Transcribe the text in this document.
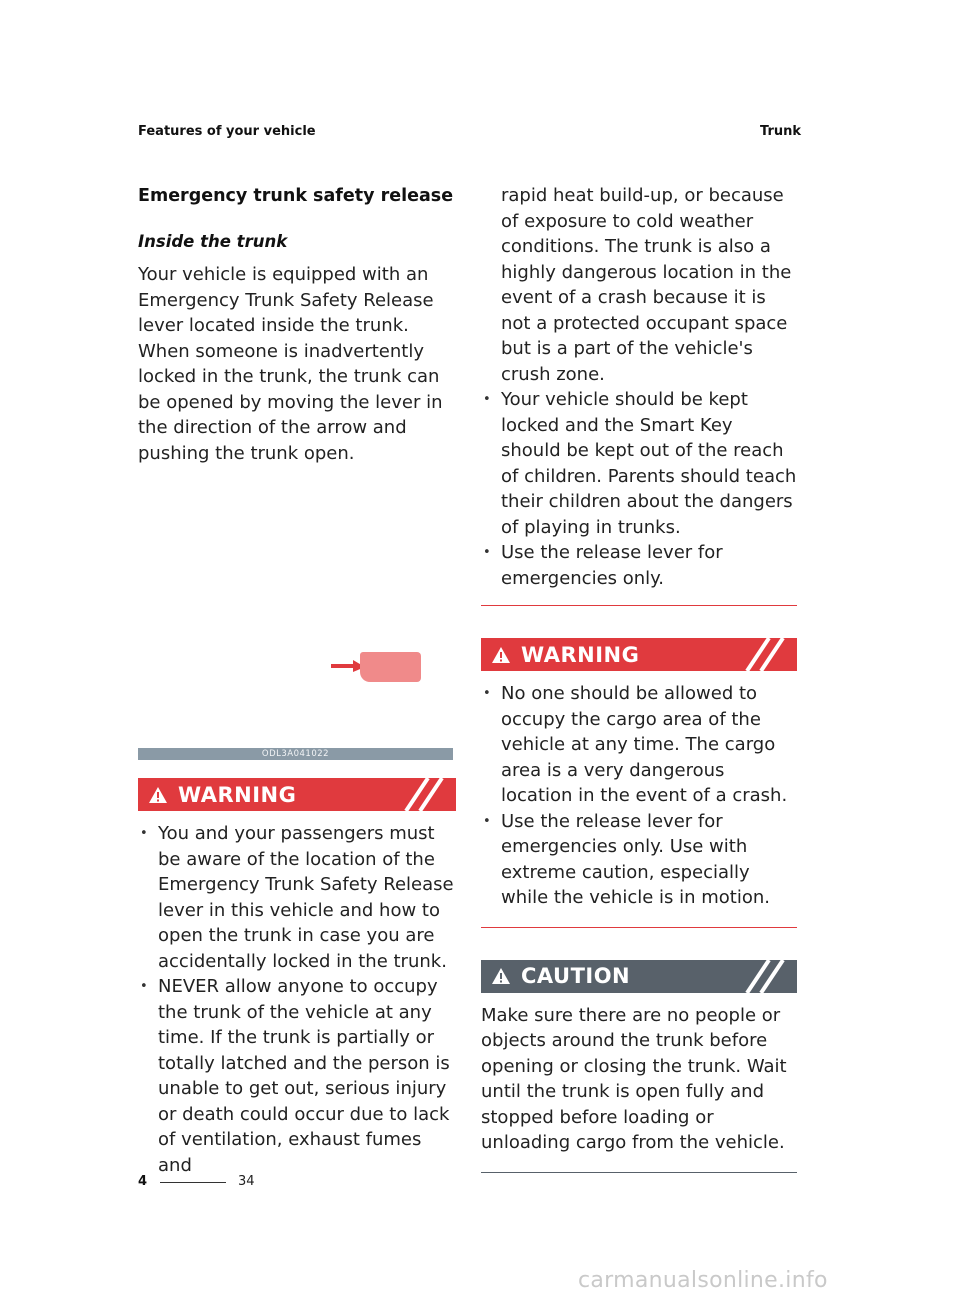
Features of your vehicle	Trunk
Emergency trunk safety release
Inside the trunk

Your vehicle is equipped with an Emergency Trunk Safety Release lever located inside the trunk. When someone is inadvertently locked in the trunk, the trunk can be opened by moving the lever in the direction of the arrow and pushing the trunk open.

ODL3A041022
WARNING
• You and your passengers must be aware of the location of the Emergency Trunk Safety Release lever in this vehicle and how to open the trunk in case you are accidentally locked in the trunk.
• NEVER allow anyone to occupy the trunk of the vehicle at any time. If the trunk is partially or totally latched and the person is unable to get out, serious injury or death could occur due to lack of ventilation, exhaust fumes and
rapid heat build-up, or because of exposure to cold weather conditions. The trunk is also a highly dangerous location in the event of a crash because it is not a protected occupant space but is a part of the vehicle's crush zone.
• Your vehicle should be kept locked and the Smart Key should be kept out of the reach of children. Parents should teach their children about the dangers of playing in trunks.
• Use the release lever for emergencies only.
WARNING
• No one should be allowed to occupy the cargo area of the vehicle at any time. The cargo area is a very dangerous location in the event of a crash.
• Use the release lever for emergencies only. Use with extreme caution, especially while the vehicle is in motion.
CAUTION

Make sure there are no people or objects around the trunk before opening or closing the trunk. Wait until the trunk is open fully and stopped before loading or unloading cargo from the vehicle.

4	34
carmanualsonline.info
